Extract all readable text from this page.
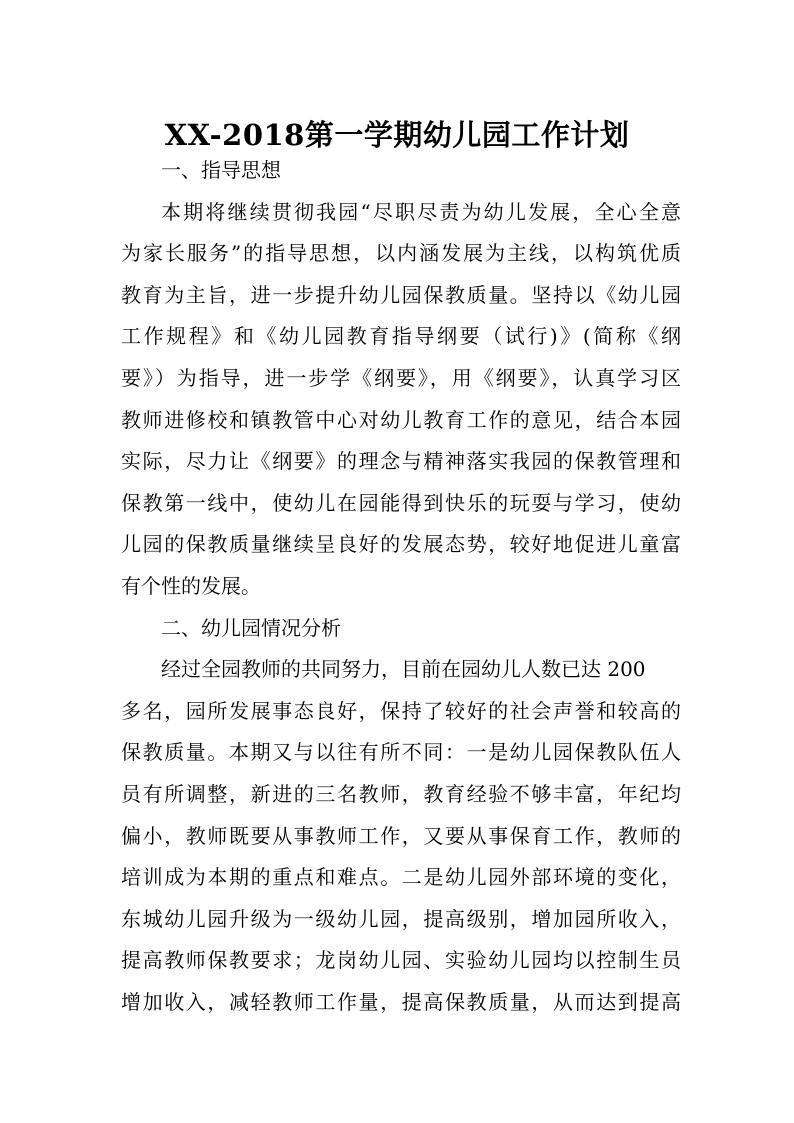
XX-2018第一学期幼儿园工作计划

一、指导思想

本期将继续贯彻我园“尽职尽责为幼儿发展，全心全意

为家长服务”的指导思想，以内涵发展为主线，以构筑优质

教育为主旨，进一步提升幼儿园保教质量。坚持以《幼儿园

工作规程》和《幼儿园教育指导纲要（试行)》(简称《纲

要》）为指导，进一步学《纲要》，用《纲要》，认真学习区

教师进修校和镇教管中心对幼儿教育工作的意见，结合本园

实际，尽力让《纲要》的理念与精神落实我园的保教管理和

保教第一线中，使幼儿在园能得到快乐的玩耍与学习，使幼

儿园的保教质量继续呈良好的发展态势，较好地促进儿童富

有个性的发展。

二、幼儿园情况分析

经过全园教师的共同努力，目前在园幼儿人数已达 200

多名，园所发展事态良好，保持了较好的社会声誉和较高的

保教质量。本期又与以往有所不同：一是幼儿园保教队伍人

员有所调整，新进的三名教师，教育经验不够丰富，年纪均

偏小，教师既要从事教师工作，又要从事保育工作，教师的

培训成为本期的重点和难点。二是幼儿园外部环境的变化，

东城幼儿园升级为一级幼儿园，提高级别，增加园所收入，

提高教师保教要求；龙岗幼儿园、实验幼儿园均以控制生员

增加收入，减轻教师工作量，提高保教质量，从而达到提高
